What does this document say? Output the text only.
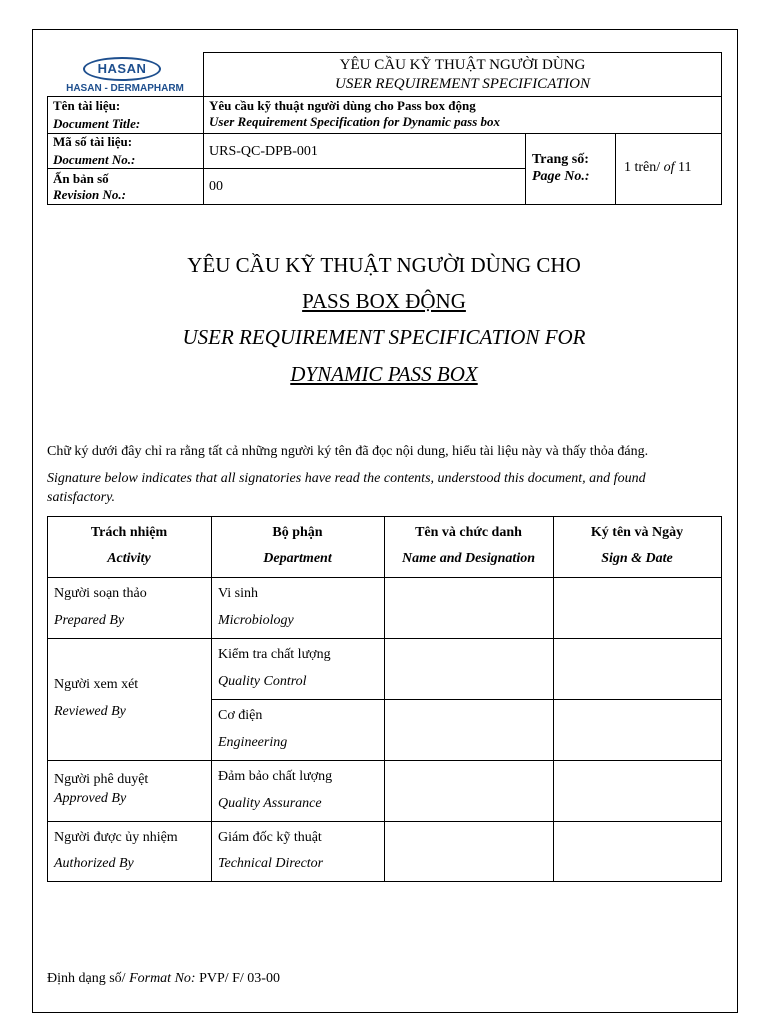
HASAN
HASAN - DERMAPHARM
YÊU CẦU KỸ THUẬT NGƯỜI DÙNG
USER REQUIREMENT SPECIFICATION
Tên tài liệu:
Document Title:
Yêu cầu kỹ thuật người dùng cho Pass box động
User Requirement Specification for Dynamic pass box
Mã số tài liệu:
Document No.:
URS-QC-DPB-001
Ấn bản số
Revision No.:
00
Trang số:
Page No.:
1 trên/ of 11
YÊU CẦU KỸ THUẬT NGƯỜI DÙNG CHO
PASS BOX ĐỘNG
USER REQUIREMENT SPECIFICATION FOR
DYNAMIC PASS BOX
Chữ ký dưới đây chỉ ra rằng tất cả những người ký tên đã đọc nội dung, hiểu tài liệu này và thấy thỏa đáng.
Signature below indicates that all signatories have read the contents, understood this document, and found
satisfactory.
Trách nhiệm
Activity
Bộ phận
Department
Tên và chức danh
Name and Designation
Ký tên và Ngày
Sign & Date
Người soạn thảo
Prepared By
Vi sinh
Microbiology
Người xem xét
Reviewed By
Kiểm tra chất lượng
Quality Control
Cơ điện
Engineering
Người phê duyệt
Approved By
Đảm bảo chất lượng
Quality Assurance
Người được ủy nhiệm
Authorized By
Giám đốc kỹ thuật
Technical Director
Định dạng số/ Format No: PVP/ F/ 03-00
